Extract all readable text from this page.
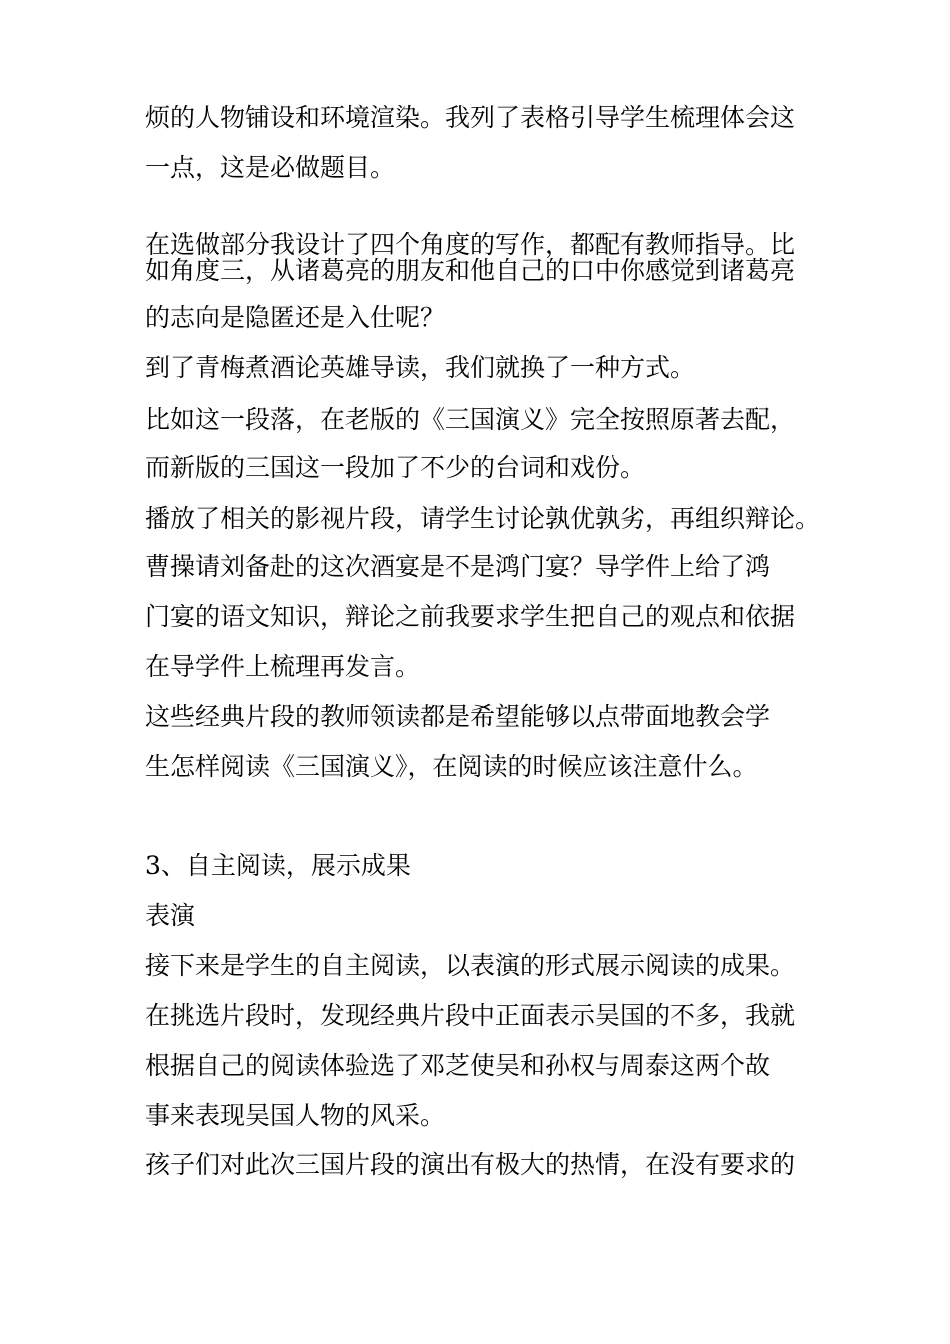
烦的人物铺设和环境渲染。我列了表格引导学生梳理体会这
一点，这是必做题目。
在选做部分我设计了四个角度的写作，都配有教师指导。比
如角度三，从诸葛亮的朋友和他自己的口中你感觉到诸葛亮
的志向是隐匿还是入仕呢？
到了青梅煮酒论英雄导读，我们就换了一种方式。
比如这一段落，在老版的《三国演义》完全按照原著去配，
而新版的三国这一段加了不少的台词和戏份。
播放了相关的影视片段，请学生讨论孰优孰劣，再组织辩论。
曹操请刘备赴的这次酒宴是不是鸿门宴？导学件上给了鸿
门宴的语文知识，辩论之前我要求学生把自己的观点和依据
在导学件上梳理再发言。
这些经典片段的教师领读都是希望能够以点带面地教会学
生怎样阅读《三国演义》，在阅读的时候应该注意什么。
3、自主阅读，展示成果
表演
接下来是学生的自主阅读，以表演的形式展示阅读的成果。
在挑选片段时，发现经典片段中正面表示吴国的不多，我就
根据自己的阅读体验选了邓芝使吴和孙权与周泰这两个故
事来表现吴国人物的风采。
孩子们对此次三国片段的演出有极大的热情，在没有要求的
